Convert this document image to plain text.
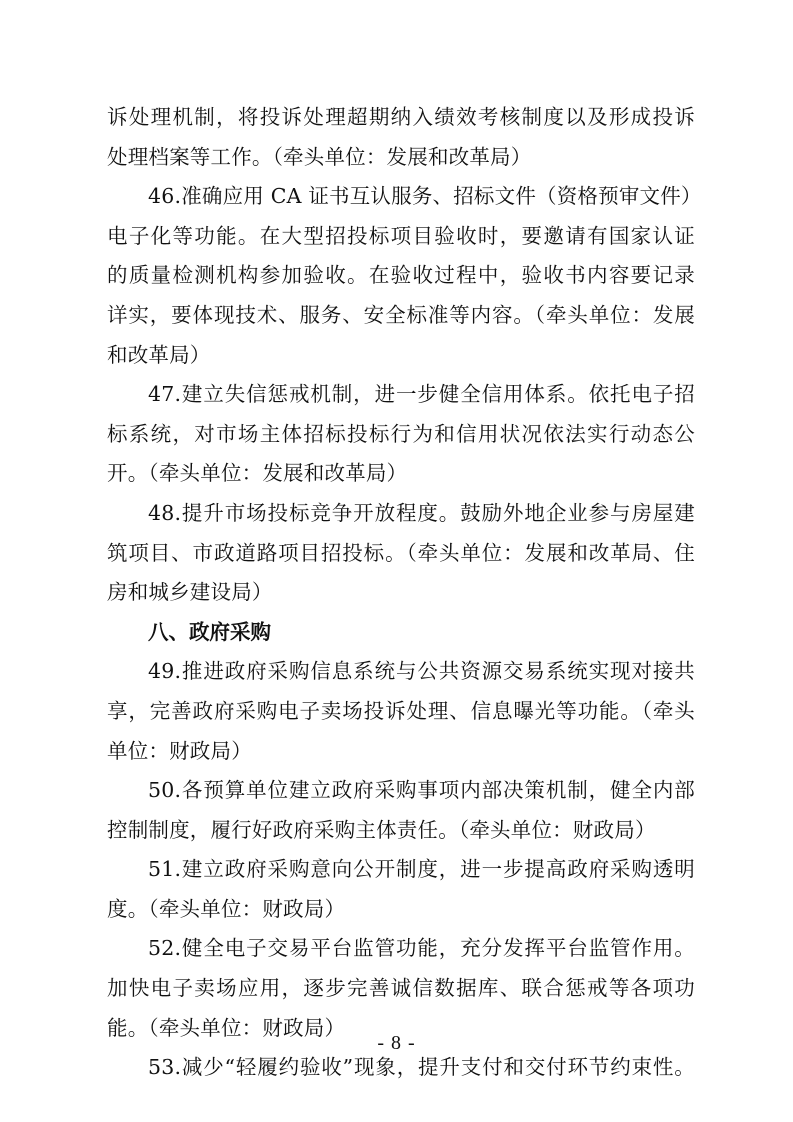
诉处理机制，将投诉处理超期纳入绩效考核制度以及形成投诉
处理档案等工作。（牵头单位：发展和改革局）
46.准确应用 CA 证书互认服务、招标文件（资格预审文件）
电子化等功能。在大型招投标项目验收时，要邀请有国家认证
的质量检测机构参加验收。在验收过程中，验收书内容要记录
详实，要体现技术、服务、安全标准等内容。（牵头单位：发展
和改革局）
47.建立失信惩戒机制，进一步健全信用体系。依托电子招
标系统，对市场主体招标投标行为和信用状况依法实行动态公
开。（牵头单位：发展和改革局）
48.提升市场投标竞争开放程度。鼓励外地企业参与房屋建
筑项目、市政道路项目招投标。（牵头单位：发展和改革局、住
房和城乡建设局）
八、政府采购
49.推进政府采购信息系统与公共资源交易系统实现对接共
享，完善政府采购电子卖场投诉处理、信息曝光等功能。（牵头
单位：财政局）
50.各预算单位建立政府采购事项内部决策机制，健全内部
控制制度，履行好政府采购主体责任。（牵头单位：财政局）
51.建立政府采购意向公开制度，进一步提高政府采购透明
度。（牵头单位：财政局）
52.健全电子交易平台监管功能，充分发挥平台监管作用。
加快电子卖场应用，逐步完善诚信数据库、联合惩戒等各项功
能。（牵头单位：财政局）
53.减少“轻履约验收”现象，提升支付和交付环节约束性。
- 8 -
